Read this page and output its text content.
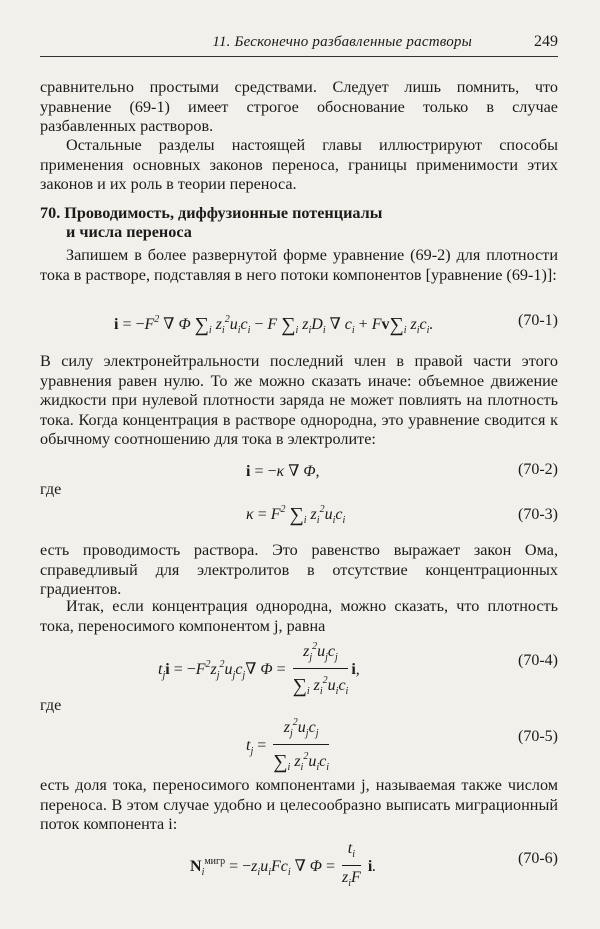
11. Бесконечно разбавленные растворы	249

сравнительно простыми средствами. Следует лишь помнить, что уравнение (69-1) имеет строгое обоснование только в случае разбавленных растворов.

Остальные разделы настоящей главы иллюстрируют способы применения основных законов переноса, границы применимости этих законов и их роль в теории переноса.

70. Проводимость, диффузионные потенциалы
и числа переноса

Запишем в более развернутой форме уравнение (69-2) для плотности тока в растворе, подставляя в него потоки компонентов [уравнение (69-1)]:

$i = -F^2$ ∇ Φ $\sum_i$ $z_i^2u_ic_i - F$ $\sum_i$ $z_iD_i$ ∇ $c_i + Fv\sum_i$ $z_ic_i$.	(70-1)

В силу электронейтральности последний член в правой части этого уравнения равен нулю. То же можно сказать иначе: объемное движение жидкости при нулевой плотности заряда не может повлиять на плотность тока. Когда концентрация в растворе однородна, это уравнение сводится к обычному соотношению для тока в электролите:

i = −κ ∇ Φ,	(70-2)

где

$\kappa = F^2$ $\sum_i$ $z_i^2u_ic_i$	(70-3)

есть проводимость раствора. Это равенство выражает закон Ома, справедливый для электролитов в отсутствие концентрационных градиентов.

Итак, если концентрация однородна, можно сказать, что плотность тока, переносимого компонентом j, равна

$t_ji = -F^2z_j^2u_jc_j\nabla$ $\Phi = \frac{z_j^2u_jc_j}{\sum_i z_i^2u_ic_i} i$,
(70-4)

где

$t_j = \frac{z_j^2u_jc_j}{\sum_i z_i^2u_ic_i}$	(70-5)

есть доля тока, переносимого компонентами j, называемая также числом переноса. В этом случае удобно и целесообразно выписать миграционный поток компонента i:

$N_i^{мигр} = -z_iu_iFc_i$ ∇ $\Phi = \frac{t_i}{z_iF} i$.	(70-6)
